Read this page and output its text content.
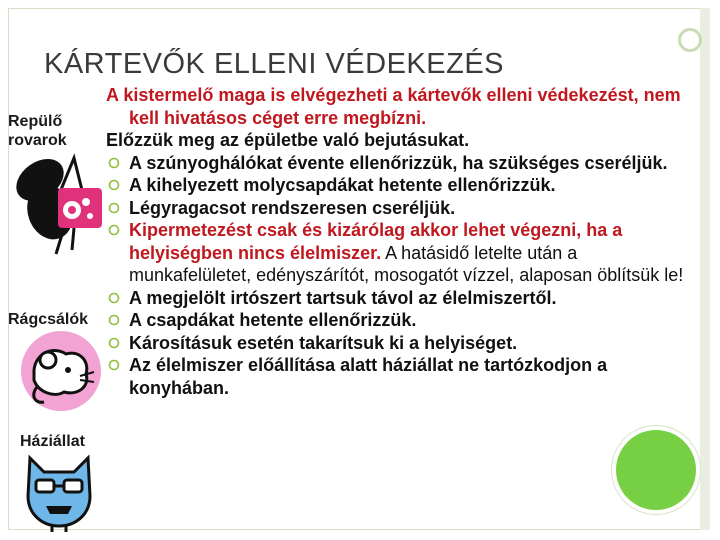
KÁRTEVŐK ELLENI VÉDEKEZÉS
Repülő rovarok
Rágcsálók
Háziállat

A kistermelő maga is elvégezheti a kártevők elleni védekezést, nem kell hivatásos céget erre megbízni.

Előzzük meg az épületbe való bejutásukat.

A szúnyoghálókat évente ellenőrizzük, ha szükséges cseréljük.

A kihelyezett molycsapdákat hetente ellenőrizzük.

Légyragacsot rendszeresen cseréljük.

Kipermetezést csak és kizárólag akkor lehet végezni, ha a helyiségben nincs élelmiszer. A hatásidő letelte után a munkafelületet, edényszárítót, mosogatót vízzel, alaposan öblítsük le!

A megjelölt irtószert tartsuk távol az élelmiszertől.

A csapdákat hetente ellenőrizzük.

Károsításuk esetén takarítsuk ki a helyiséget.

Az élelmiszer előállítása alatt háziállat ne tartózkodjon a konyhában.
